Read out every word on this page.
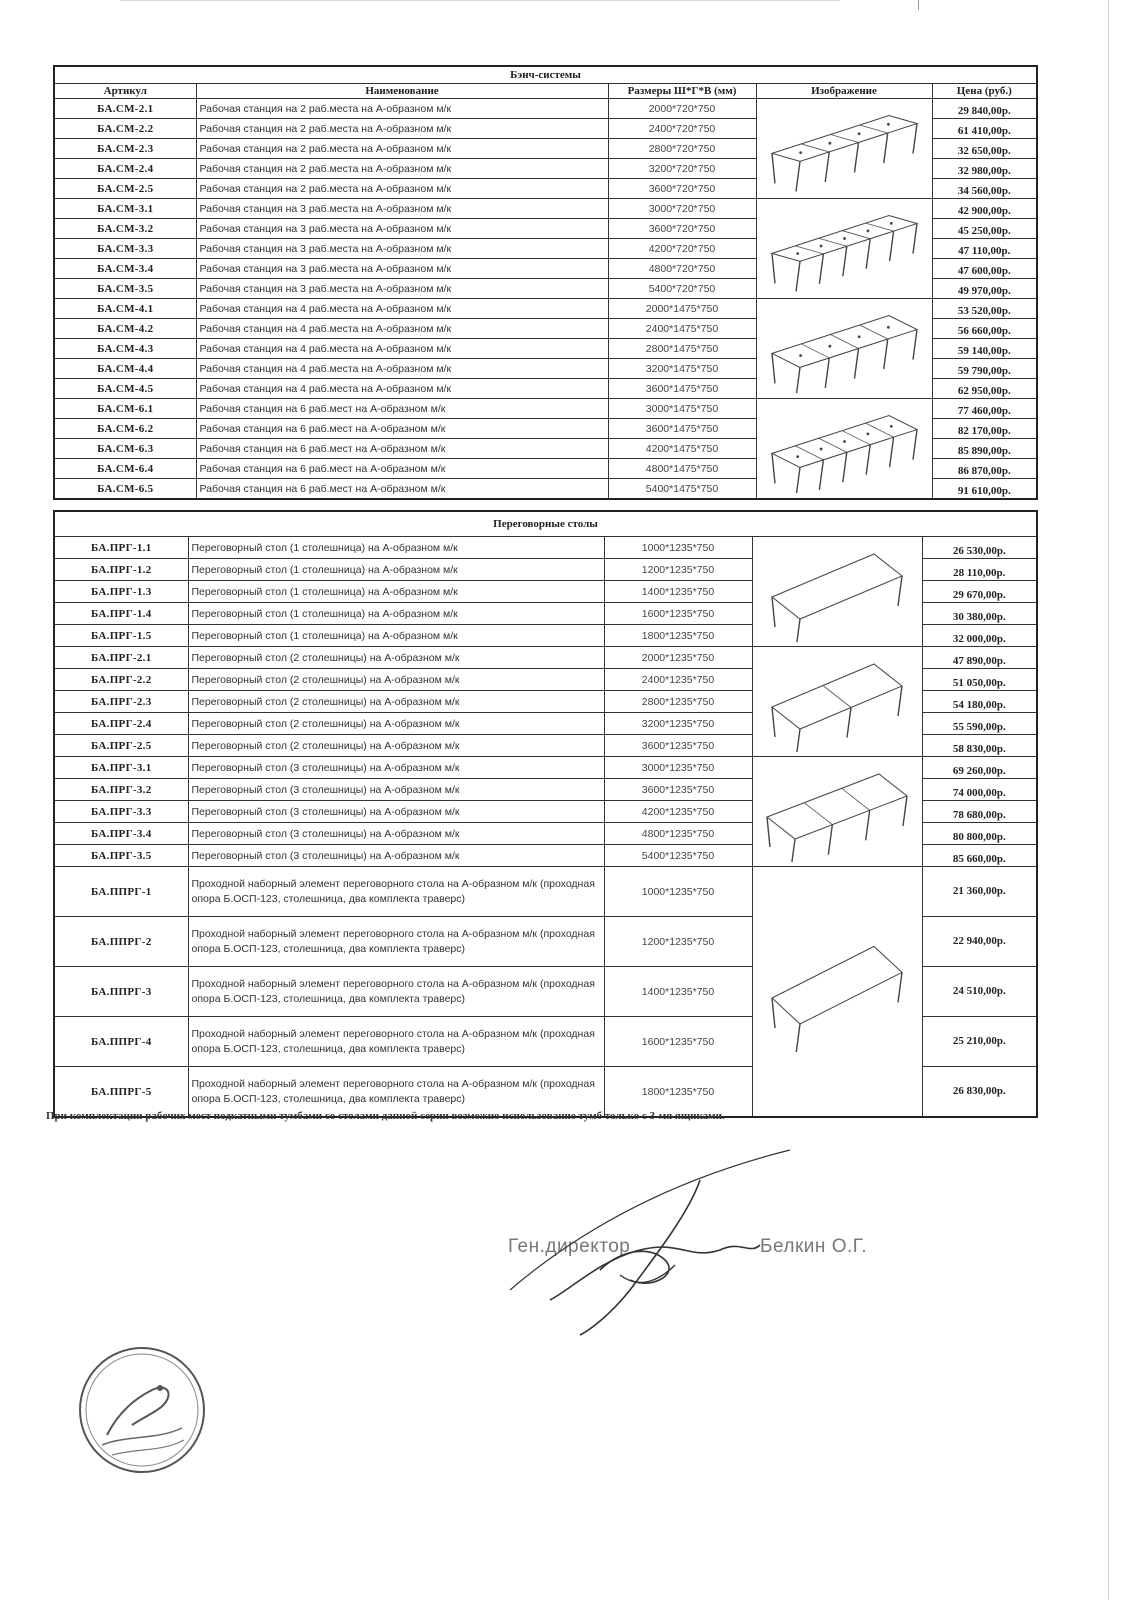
Бэнч-системы				
Артикул	Наименование	Размеры Ш*Г*В (мм)	Изображение	Цена (руб.)
БА.СМ-2.1	Рабочая станция на 2 раб.места на А-образном м/к	2000*720*750		29 840,00р.
БА.СМ-2.2	Рабочая станция на 2 раб.места на А-образном м/к	2400*720*750		61 410,00р.
БА.СМ-2.3	Рабочая станция на 2 раб.места на А-образном м/к	2800*720*750		32 650,00р.
БА.СМ-2.4	Рабочая станция на 2 раб.места на А-образном м/к	3200*720*750		32 980,00р.
БА.СМ-2.5	Рабочая станция на 2 раб.места на А-образном м/к	3600*720*750		34 560,00р.
БА.СМ-3.1	Рабочая станция на 3 раб.места на А-образном м/к	3000*720*750		42 900,00р.
БА.СМ-3.2	Рабочая станция на 3 раб.места на А-образном м/к	3600*720*750		45 250,00р.
БА.СМ-3.3	Рабочая станция на 3 раб.места на А-образном м/к	4200*720*750		47 110,00р.
БА.СМ-3.4	Рабочая станция на 3 раб.места на А-образном м/к	4800*720*750		47 600,00р.
БА.СМ-3.5	Рабочая станция на 3 раб.места на А-образном м/к	5400*720*750		49 970,00р.
БА.СМ-4.1	Рабочая станция на 4 раб.места на А-образном м/к	2000*1475*750		53 520,00р.
БА.СМ-4.2	Рабочая станция на 4 раб.места на А-образном м/к	2400*1475*750		56 660,00р.
БА.СМ-4.3	Рабочая станция на 4 раб.места на А-образном м/к	2800*1475*750		59 140,00р.
БА.СМ-4.4	Рабочая станция на 4 раб.места на А-образном м/к	3200*1475*750		59 790,00р.
БА.СМ-4.5	Рабочая станция на 4 раб.места на А-образном м/к	3600*1475*750		62 950,00р.
БА.СМ-6.1	Рабочая станция на 6 раб.мест на А-образном м/к	3000*1475*750		77 460,00р.
БА.СМ-6.2	Рабочая станция на 6 раб.мест на А-образном м/к	3600*1475*750		82 170,00р.
БА.СМ-6.3	Рабочая станция на 6 раб.мест на А-образном м/к	4200*1475*750		85 890,00р.
БА.СМ-6.4	Рабочая станция на 6 раб.мест на А-образном м/к	4800*1475*750		86 870,00р.
БА.СМ-6.5	Рабочая станция на 6 раб.мест на А-образном м/к	5400*1475*750		91 610,00р.
Переговорные столы				
БА.ПРГ-1.1	Переговорный стол (1 столешница) на А-образном м/к	1000*1235*750		26 530,00р.
БА.ПРГ-1.2	Переговорный стол (1 столешница) на А-образном м/к	1200*1235*750		28 110,00р.
БА.ПРГ-1.3	Переговорный стол (1 столешница) на А-образном м/к	1400*1235*750		29 670,00р.
БА.ПРГ-1.4	Переговорный стол (1 столешница) на А-образном м/к	1600*1235*750		30 380,00р.
БА.ПРГ-1.5	Переговорный стол (1 столешница) на А-образном м/к	1800*1235*750		32 000,00р.
БА.ПРГ-2.1	Переговорный стол (2 столешницы) на А-образном м/к	2000*1235*750		47 890,00р.
БА.ПРГ-2.2	Переговорный стол (2 столешницы) на А-образном м/к	2400*1235*750		51 050,00р.
БА.ПРГ-2.3	Переговорный стол (2 столешницы) на А-образном м/к	2800*1235*750		54 180,00р.
БА.ПРГ-2.4	Переговорный стол (2 столешницы) на А-образном м/к	3200*1235*750		55 590,00р.
БА.ПРГ-2.5	Переговорный стол (2 столешницы) на А-образном м/к	3600*1235*750		58 830,00р.
БА.ПРГ-3.1	Переговорный стол (3 столешницы) на А-образном м/к	3000*1235*750		69 260,00р.
БА.ПРГ-3.2	Переговорный стол (3 столешницы) на А-образном м/к	3600*1235*750		74 000,00р.
БА.ПРГ-3.3	Переговорный стол (3 столешницы) на А-образном м/к	4200*1235*750		78 680,00р.
БА.ПРГ-3.4	Переговорный стол (3 столешницы) на А-образном м/к	4800*1235*750		80 800,00р.
БА.ПРГ-3.5	Переговорный стол (3 столешницы) на А-образном м/к	5400*1235*750		85 660,00р.
БА.ППРГ-1	Проходной наборный элемент переговорного стола на А-образном м/к (проходная опора Б.ОСП-123, столешница, два комплекта траверс)	1000*1235*750		21 360,00р.
БА.ППРГ-2	Проходной наборный элемент переговорного стола на А-образном м/к (проходная опора Б.ОСП-123, столешница, два комплекта траверс)	1200*1235*750		22 940,00р.
БА.ППРГ-3	Проходной наборный элемент переговорного стола на А-образном м/к (проходная опора Б.ОСП-123, столешница, два комплекта траверс)	1400*1235*750		24 510,00р.
БА.ППРГ-4	Проходной наборный элемент переговорного стола на А-образном м/к (проходная опора Б.ОСП-123, столешница, два комплекта траверс)	1600*1235*750		25 210,00р.
БА.ППРГ-5	Проходной наборный элемент переговорного стола на А-образном м/к (проходная опора Б.ОСП-123, столешница, два комплекта траверс)	1800*1235*750		26 830,00р.
При комплектации рабочих мест подкатными тумбами со столами данной серии возможно использование тумб только с 3-мя ящиками.
Ген.директор	Белкин О.Г.
